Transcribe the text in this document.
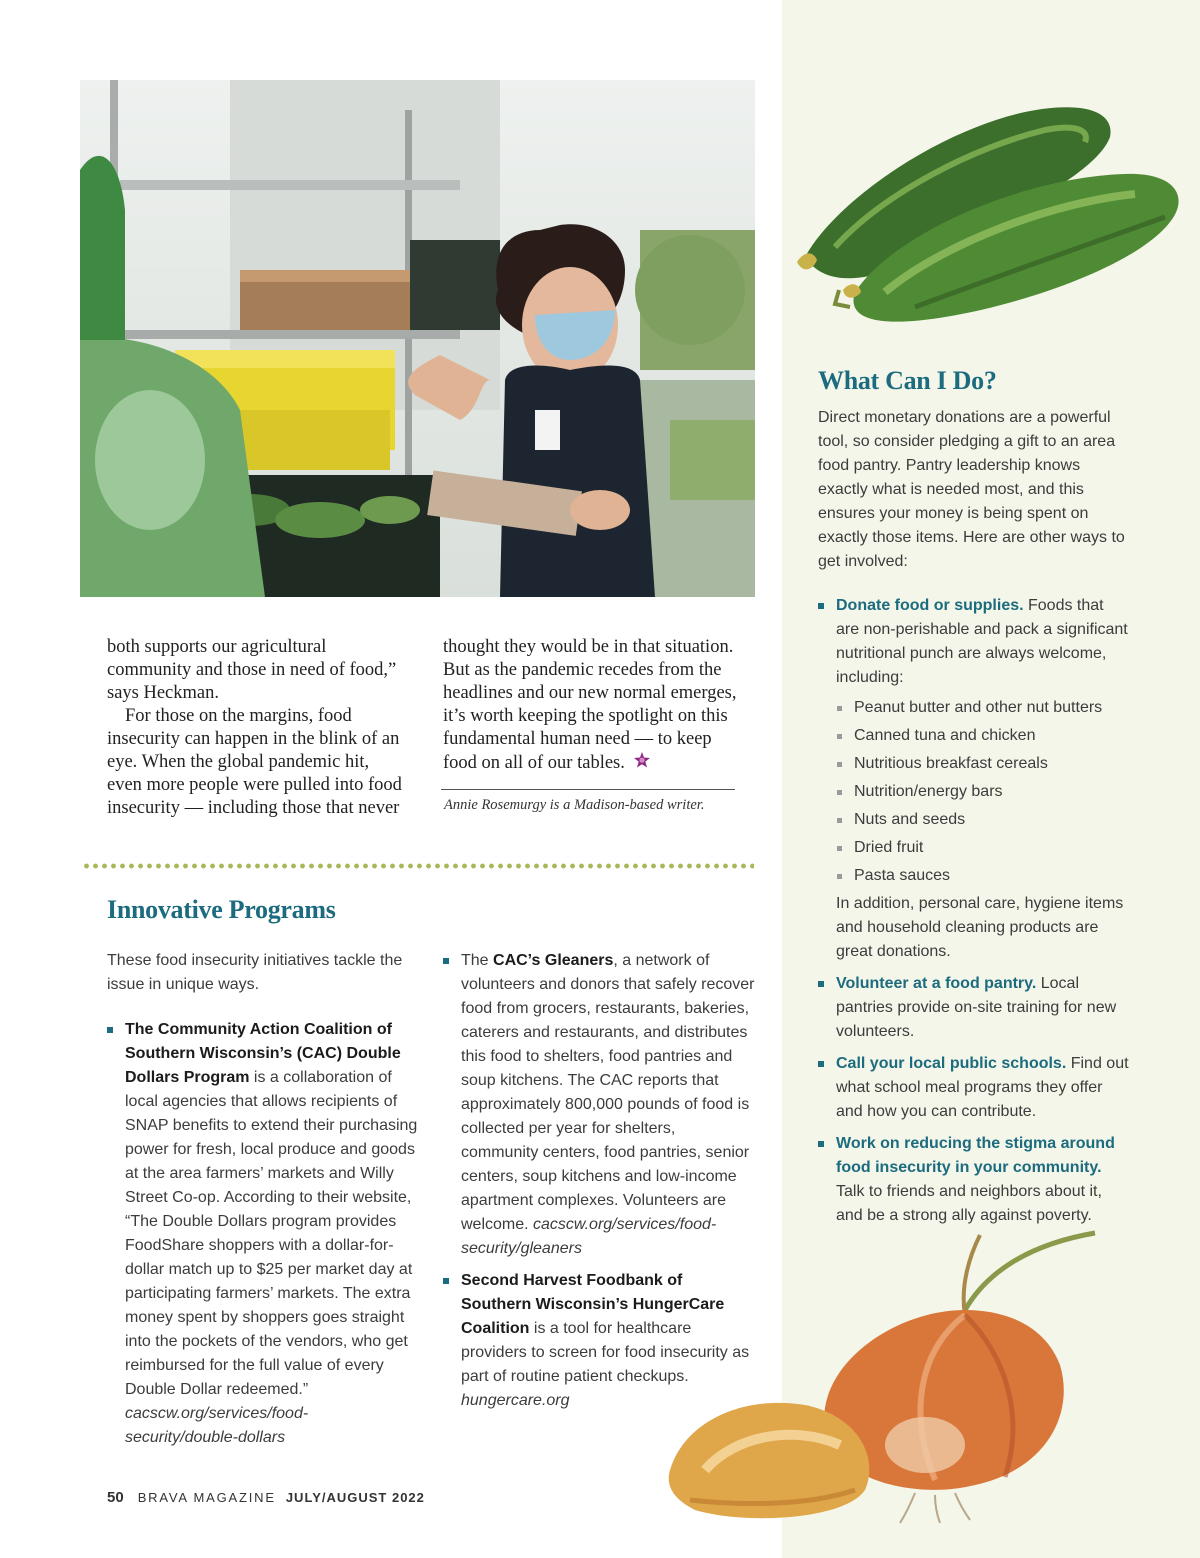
both supports our agricultural community and those in need of food,” says Heckman.

For those on the margins, food insecurity can happen in the blink of an eye. When the global pandemic hit, even more people were pulled into food insecurity — including those that never

thought they would be in that situation. But as the pandemic recedes from the headlines and our new normal emerges, it’s worth keeping the spotlight on this fundamental human need — to keep food on all of our tables.

Annie Rosemurgy is a Madison-based writer.
Innovative Programs

These food insecurity initiatives tackle the issue in unique ways.

The Community Action Coalition of Southern Wisconsin’s (CAC) Double Dollars Program is a collaboration of local agencies that allows recipients of SNAP benefits to extend their purchasing power for fresh, local produce and goods at the area farmers’ markets and Willy Street Co-op. According to their website, “The Double Dollars program provides FoodShare shoppers with a dollar-for-dollar match up to $25 per market day at participating farmers’ markets. The extra money spent by shoppers goes straight into the pockets of the vendors, who get reimbursed for the full value of every Double Dollar redeemed.” cacscw.org/services/food-security/double-dollars
The CAC’s Gleaners, a network of volunteers and donors that safely recover food from grocers, restaurants, bakeries, caterers and restaurants, and distributes this food to shelters, food pantries and soup kitchens. The CAC reports that approximately 800,000 pounds of food is collected per year for shelters, community centers, food pantries, senior centers, soup kitchens and low-income apartment complexes. Volunteers are welcome. cacscw.org/services/food-security/gleaners
Second Harvest Foodbank of Southern Wisconsin’s HungerCare Coalition is a tool for healthcare providers to screen for food insecurity as part of routine patient checkups. hungercare.org
What Can I Do?

Direct monetary donations are a powerful tool, so consider pledging a gift to an area food pantry. Pantry leadership knows exactly what is needed most, and this ensures your money is being spent on exactly those items. Here are other ways to get involved:

Donate food or supplies. Foods that are non-perishable and pack a significant nutritional punch are always welcome, including:
Peanut butter and other nut butters
Canned tuna and chicken
Nutritious breakfast cereals
Nutrition/energy bars
Nuts and seeds
Dried fruit
Pasta sauces

In addition, personal care, hygiene items and household cleaning products are great donations.

Volunteer at a food pantry. Local pantries provide on-site training for new volunteers.
Call your local public schools. Find out what school meal programs they offer and how you can contribute.
Work on reducing the stigma around food insecurity in your community. Talk to friends and neighbors about it, and be a strong ally against poverty.
50 BRAVA MAGAZINE JULY/AUGUST 2022
